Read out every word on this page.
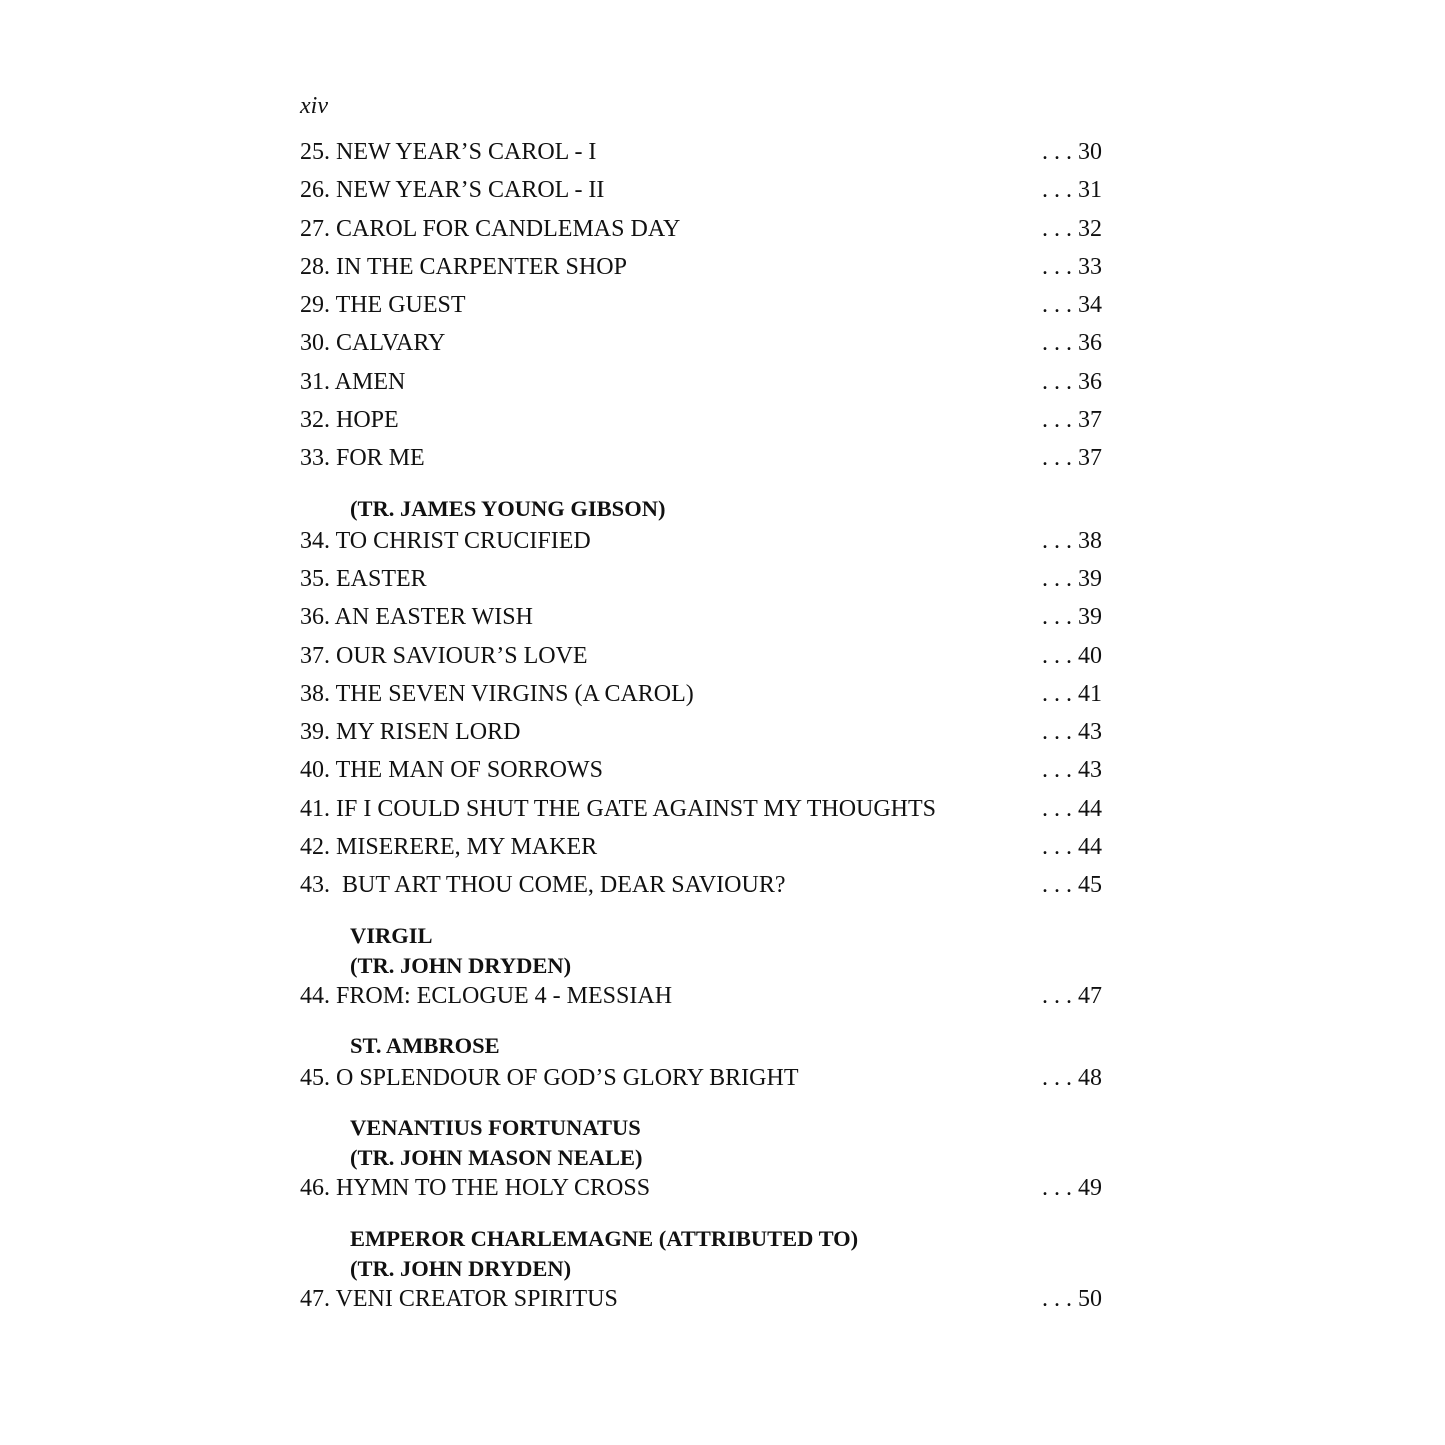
xiv
25. NEW YEAR’S CAROL - I	. . . 30
26. NEW YEAR’S CAROL - II	. . . 31
27. CAROL FOR CANDLEMAS DAY	. . . 32
28. IN THE CARPENTER SHOP	. . . 33
29. THE GUEST	. . . 34
30. CALVARY	. . . 36
31. AMEN	. . . 36
32. HOPE	. . . 37
33. FOR ME	. . . 37
(TR. JAMES YOUNG GIBSON)
34. TO CHRIST CRUCIFIED	. . . 38
35. EASTER	. . . 39
36. AN EASTER WISH	. . . 39
37. OUR SAVIOUR’S LOVE	. . . 40
38. THE SEVEN VIRGINS (A CAROL)	. . . 41
39. MY RISEN LORD	. . . 43
40. THE MAN OF SORROWS	. . . 43
41. IF I COULD SHUT THE GATE AGAINST MY THOUGHTS	. . . 44
42. MISERERE, MY MAKER	. . . 44
43.  BUT ART THOU COME, DEAR SAVIOUR?	. . . 45
VIRGIL
(TR. JOHN DRYDEN)
44. FROM: ECLOGUE 4 - MESSIAH	. . . 47
ST. AMBROSE
45. O SPLENDOUR OF GOD’S GLORY BRIGHT	. . . 48
VENANTIUS FORTUNATUS
(TR. JOHN MASON NEALE)
46. HYMN TO THE HOLY CROSS	. . . 49
EMPEROR CHARLEMAGNE (ATTRIBUTED TO)
(TR. JOHN DRYDEN)
47. VENI CREATOR SPIRITUS	. . . 50
